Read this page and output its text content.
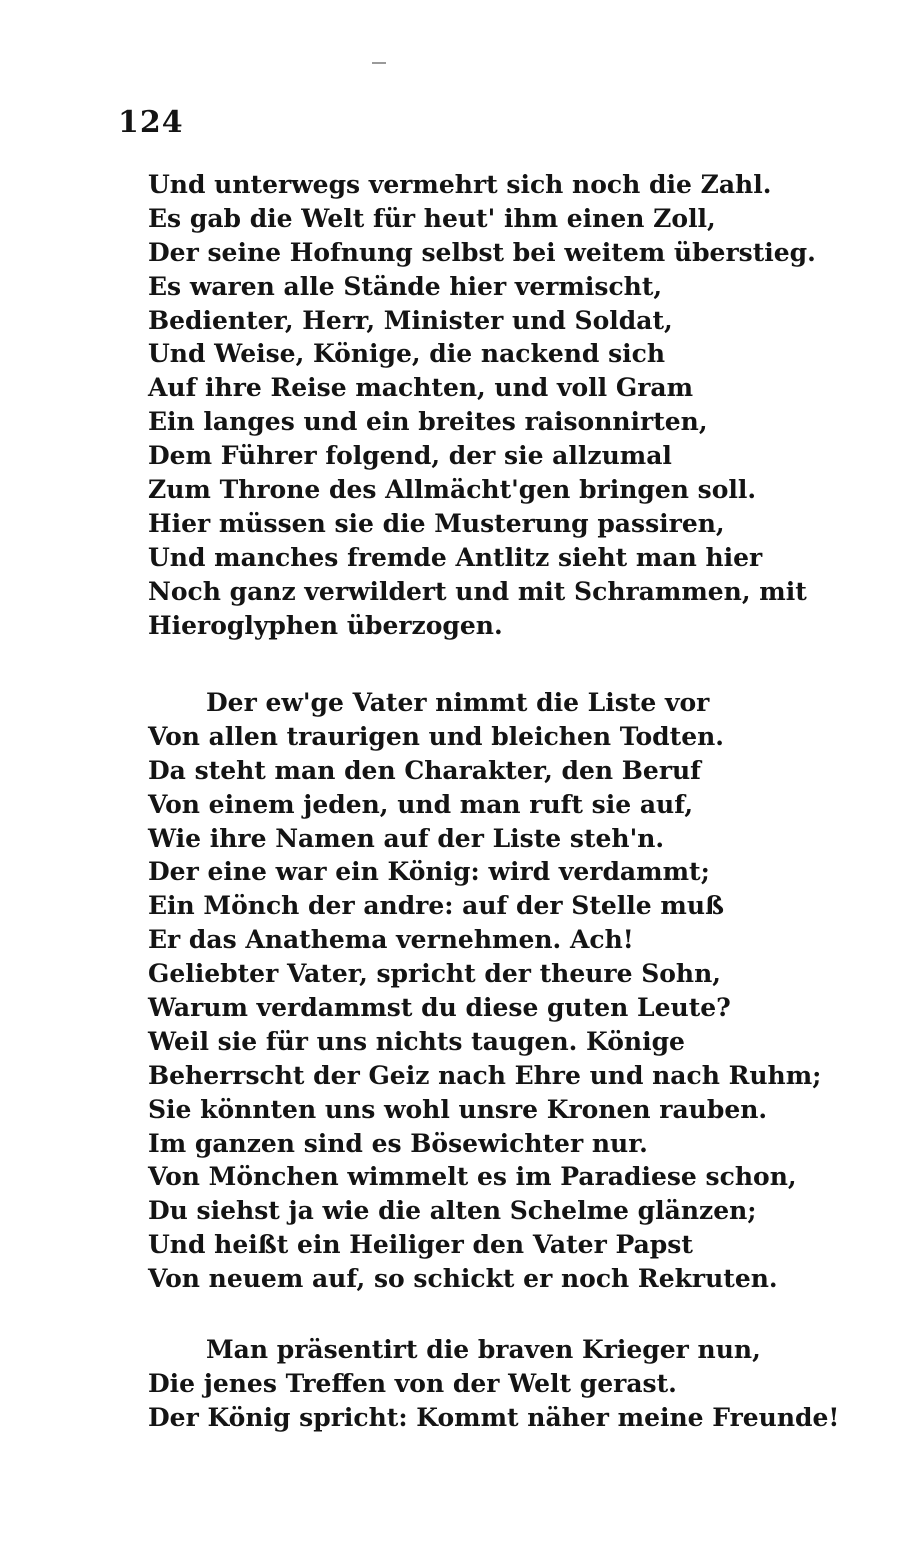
124
Und unterwegs vermehrt sich noch die Zahl.
Es gab die Welt für heut' ihm einen Zoll,
Der seine Hofnung selbst bei weitem überstieg.
Es waren alle Stände hier vermischt,
Bedienter, Herr, Minister und Soldat,
Und Weise, Könige, die nackend sich
Auf ihre Reise machten, und voll Gram
Ein langes und ein breites raisonnirten,
Dem Führer folgend, der sie allzumal
Zum Throne des Allmächt'gen bringen soll.
Hier müssen sie die Musterung passiren,
Und manches fremde Antlitz sieht man hier
Noch ganz verwildert und mit Schrammen, mit
Hieroglyphen überzogen.
Der ew'ge Vater nimmt die Liste vor
Von allen traurigen und bleichen Todten.
Da steht man den Charakter, den Beruf
Von einem jeden, und man ruft sie auf,
Wie ihre Namen auf der Liste steh'n.
Der eine war ein König: wird verdammt;
Ein Mönch der andre: auf der Stelle muß
Er das Anathema vernehmen. Ach!
Geliebter Vater, spricht der theure Sohn,
Warum verdammst du diese guten Leute?
Weil sie für uns nichts taugen. Könige
Beherrscht der Geiz nach Ehre und nach Ruhm;
Sie könnten uns wohl unsre Kronen rauben.
Im ganzen sind es Bösewichter nur.
Von Mönchen wimmelt es im Paradiese schon,
Du siehst ja wie die alten Schelme glänzen;
Und heißt ein Heiliger den Vater Papst
Von neuem auf, so schickt er noch Rekruten.
Man präsentirt die braven Krieger nun,
Die jenes Treffen von der Welt gerast.
Der König spricht: Kommt näher meine Freunde!
